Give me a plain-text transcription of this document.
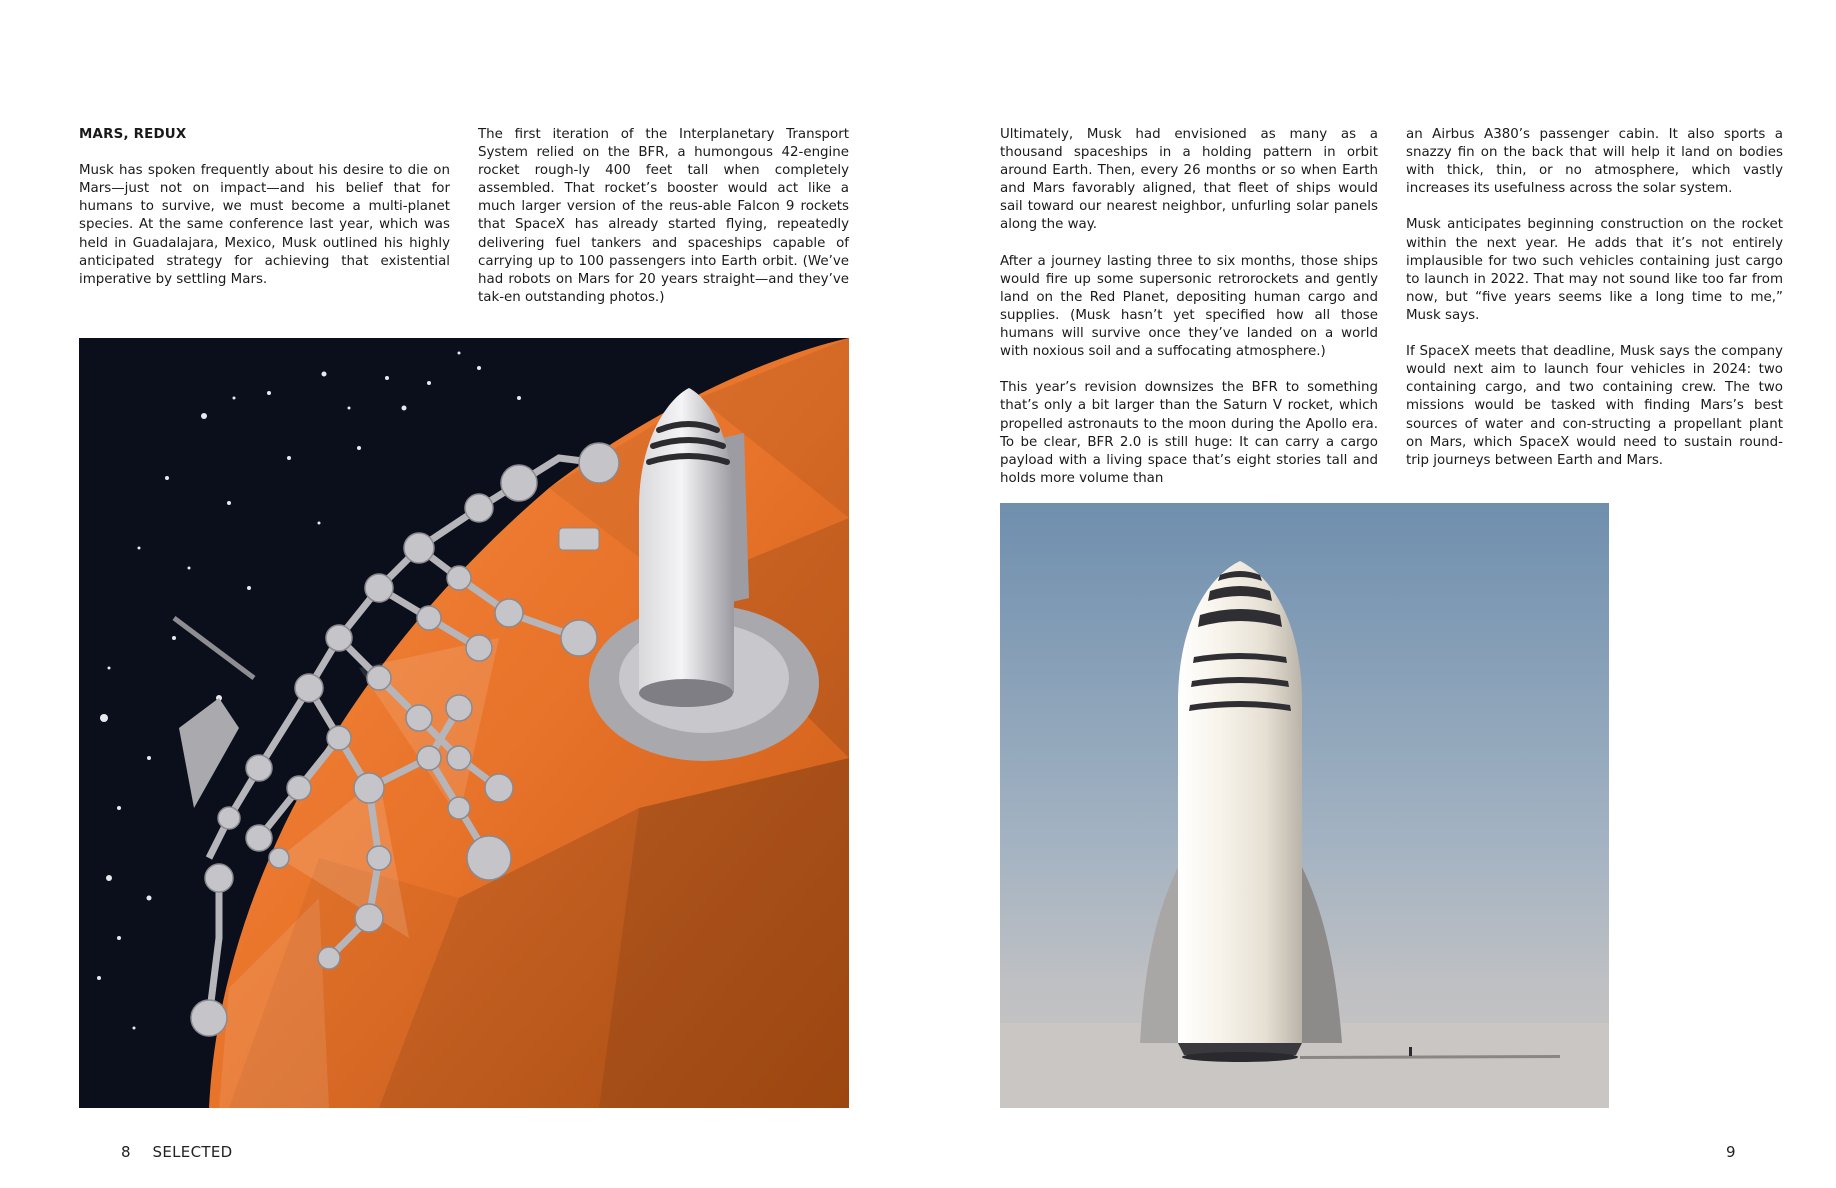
MARS, REDUX

Musk has spoken frequently about his desire to die on Mars—just not on impact—and his belief that for humans to survive, we must become a multi-planet species. At the same conference last year, which was held in Guadalajara, Mexico, Musk outlined his highly anticipated strategy for achieving that existential imperative by settling Mars.

The first iteration of the Interplanetary Transport System relied on the BFR, a humongous 42-engine rocket rough-ly 400 feet tall when completely assembled. That rocket’s booster would act like a much larger version of the reus-able Falcon 9 rockets that SpaceX has already started flying, repeatedly delivering fuel tankers and spaceships capable of carrying up to 100 passengers into Earth orbit. (We’ve had robots on Mars for 20 years straight—and they’ve tak-en outstanding photos.)

8 SELECTED

Ultimately, Musk had envisioned as many as a thousand spaceships in a holding pattern in orbit around Earth. Then, every 26 months or so when Earth and Mars favorably aligned, that fleet of ships would sail toward our nearest neighbor, unfurling solar panels along the way.

After a journey lasting three to six months, those ships would fire up some supersonic retrorockets and gently land on the Red Planet, depositing human cargo and supplies. (Musk hasn’t yet specified how all those humans will survive once they’ve landed on a world with noxious soil and a suffocating atmosphere.)

This year’s revision downsizes the BFR to something that’s only a bit larger than the Saturn V rocket, which propelled astronauts to the moon during the Apollo era. To be clear, BFR 2.0 is still huge: It can carry a cargo payload with a living space that’s eight stories tall and holds more volume than

an Airbus A380’s passenger cabin. It also sports a snazzy fin on the back that will help it land on bodies with thick, thin, or no atmosphere, which vastly increases its usefulness across the solar system.

Musk anticipates beginning construction on the rocket within the next year. He adds that it’s not entirely implausible for two such vehicles containing just cargo to launch in 2022. That may not sound like too far from now, but “five years seems like a long time to me,” Musk says.

If SpaceX meets that deadline, Musk says the company would next aim to launch four vehicles in 2024: two containing cargo, and two containing crew. The two missions would be tasked with finding Mars’s best sources of water and con-structing a propellant plant on Mars, which SpaceX would need to sustain round-trip journeys between Earth and Mars.

9
